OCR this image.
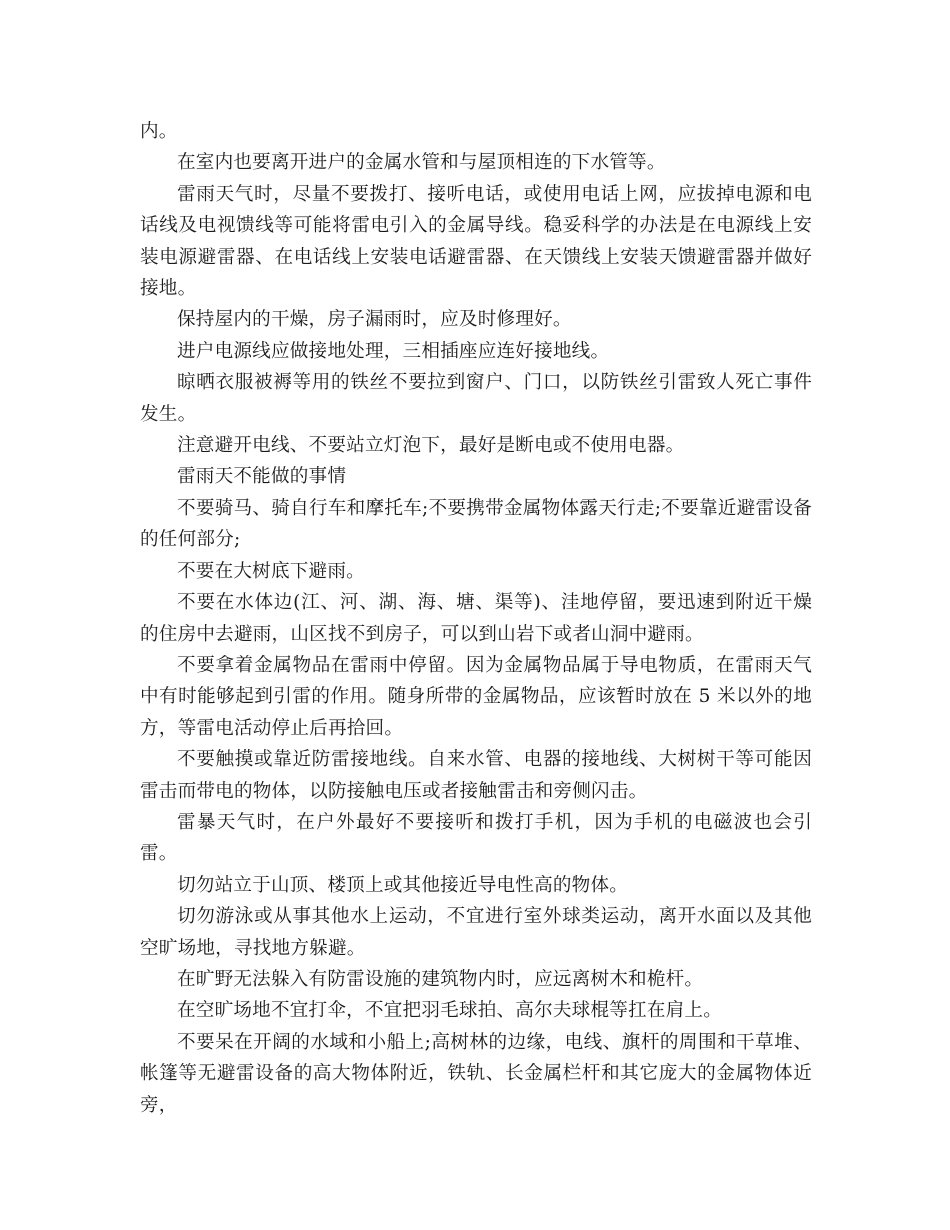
内。

在室内也要离开进户的金属水管和与屋顶相连的下水管等。

雷雨天气时，尽量不要拨打、接听电话，或使用电话上网，应拔掉电源和电话线及电视馈线等可能将雷电引入的金属导线。稳妥科学的办法是在电源线上安装电源避雷器、在电话线上安装电话避雷器、在天馈线上安装天馈避雷器并做好接地。

保持屋内的干燥，房子漏雨时，应及时修理好。

进户电源线应做接地处理，三相插座应连好接地线。

晾晒衣服被褥等用的铁丝不要拉到窗户、门口，以防铁丝引雷致人死亡事件发生。

注意避开电线、不要站立灯泡下，最好是断电或不使用电器。

雷雨天不能做的事情

不要骑马、骑自行车和摩托车;不要携带金属物体露天行走;不要靠近避雷设备的任何部分;

不要在大树底下避雨。

不要在水体边(江、河、湖、海、塘、渠等)、洼地停留，要迅速到附近干燥的住房中去避雨，山区找不到房子，可以到山岩下或者山洞中避雨。

不要拿着金属物品在雷雨中停留。因为金属物品属于导电物质，在雷雨天气中有时能够起到引雷的作用。随身所带的金属物品，应该暂时放在 5 米以外的地方，等雷电活动停止后再拾回。

不要触摸或靠近防雷接地线。自来水管、电器的接地线、大树树干等可能因雷击而带电的物体，以防接触电压或者接触雷击和旁侧闪击。

雷暴天气时，在户外最好不要接听和拨打手机，因为手机的电磁波也会引雷。

切勿站立于山顶、楼顶上或其他接近导电性高的物体。

切勿游泳或从事其他水上运动，不宜进行室外球类运动，离开水面以及其他空旷场地，寻找地方躲避。

在旷野无法躲入有防雷设施的建筑物内时，应远离树木和桅杆。

在空旷场地不宜打伞，不宜把羽毛球拍、高尔夫球棍等扛在肩上。

不要呆在开阔的水域和小船上;高树林的边缘，电线、旗杆的周围和干草堆、帐篷等无避雷设备的高大物体附近，铁轨、长金属栏杆和其它庞大的金属物体近旁，
